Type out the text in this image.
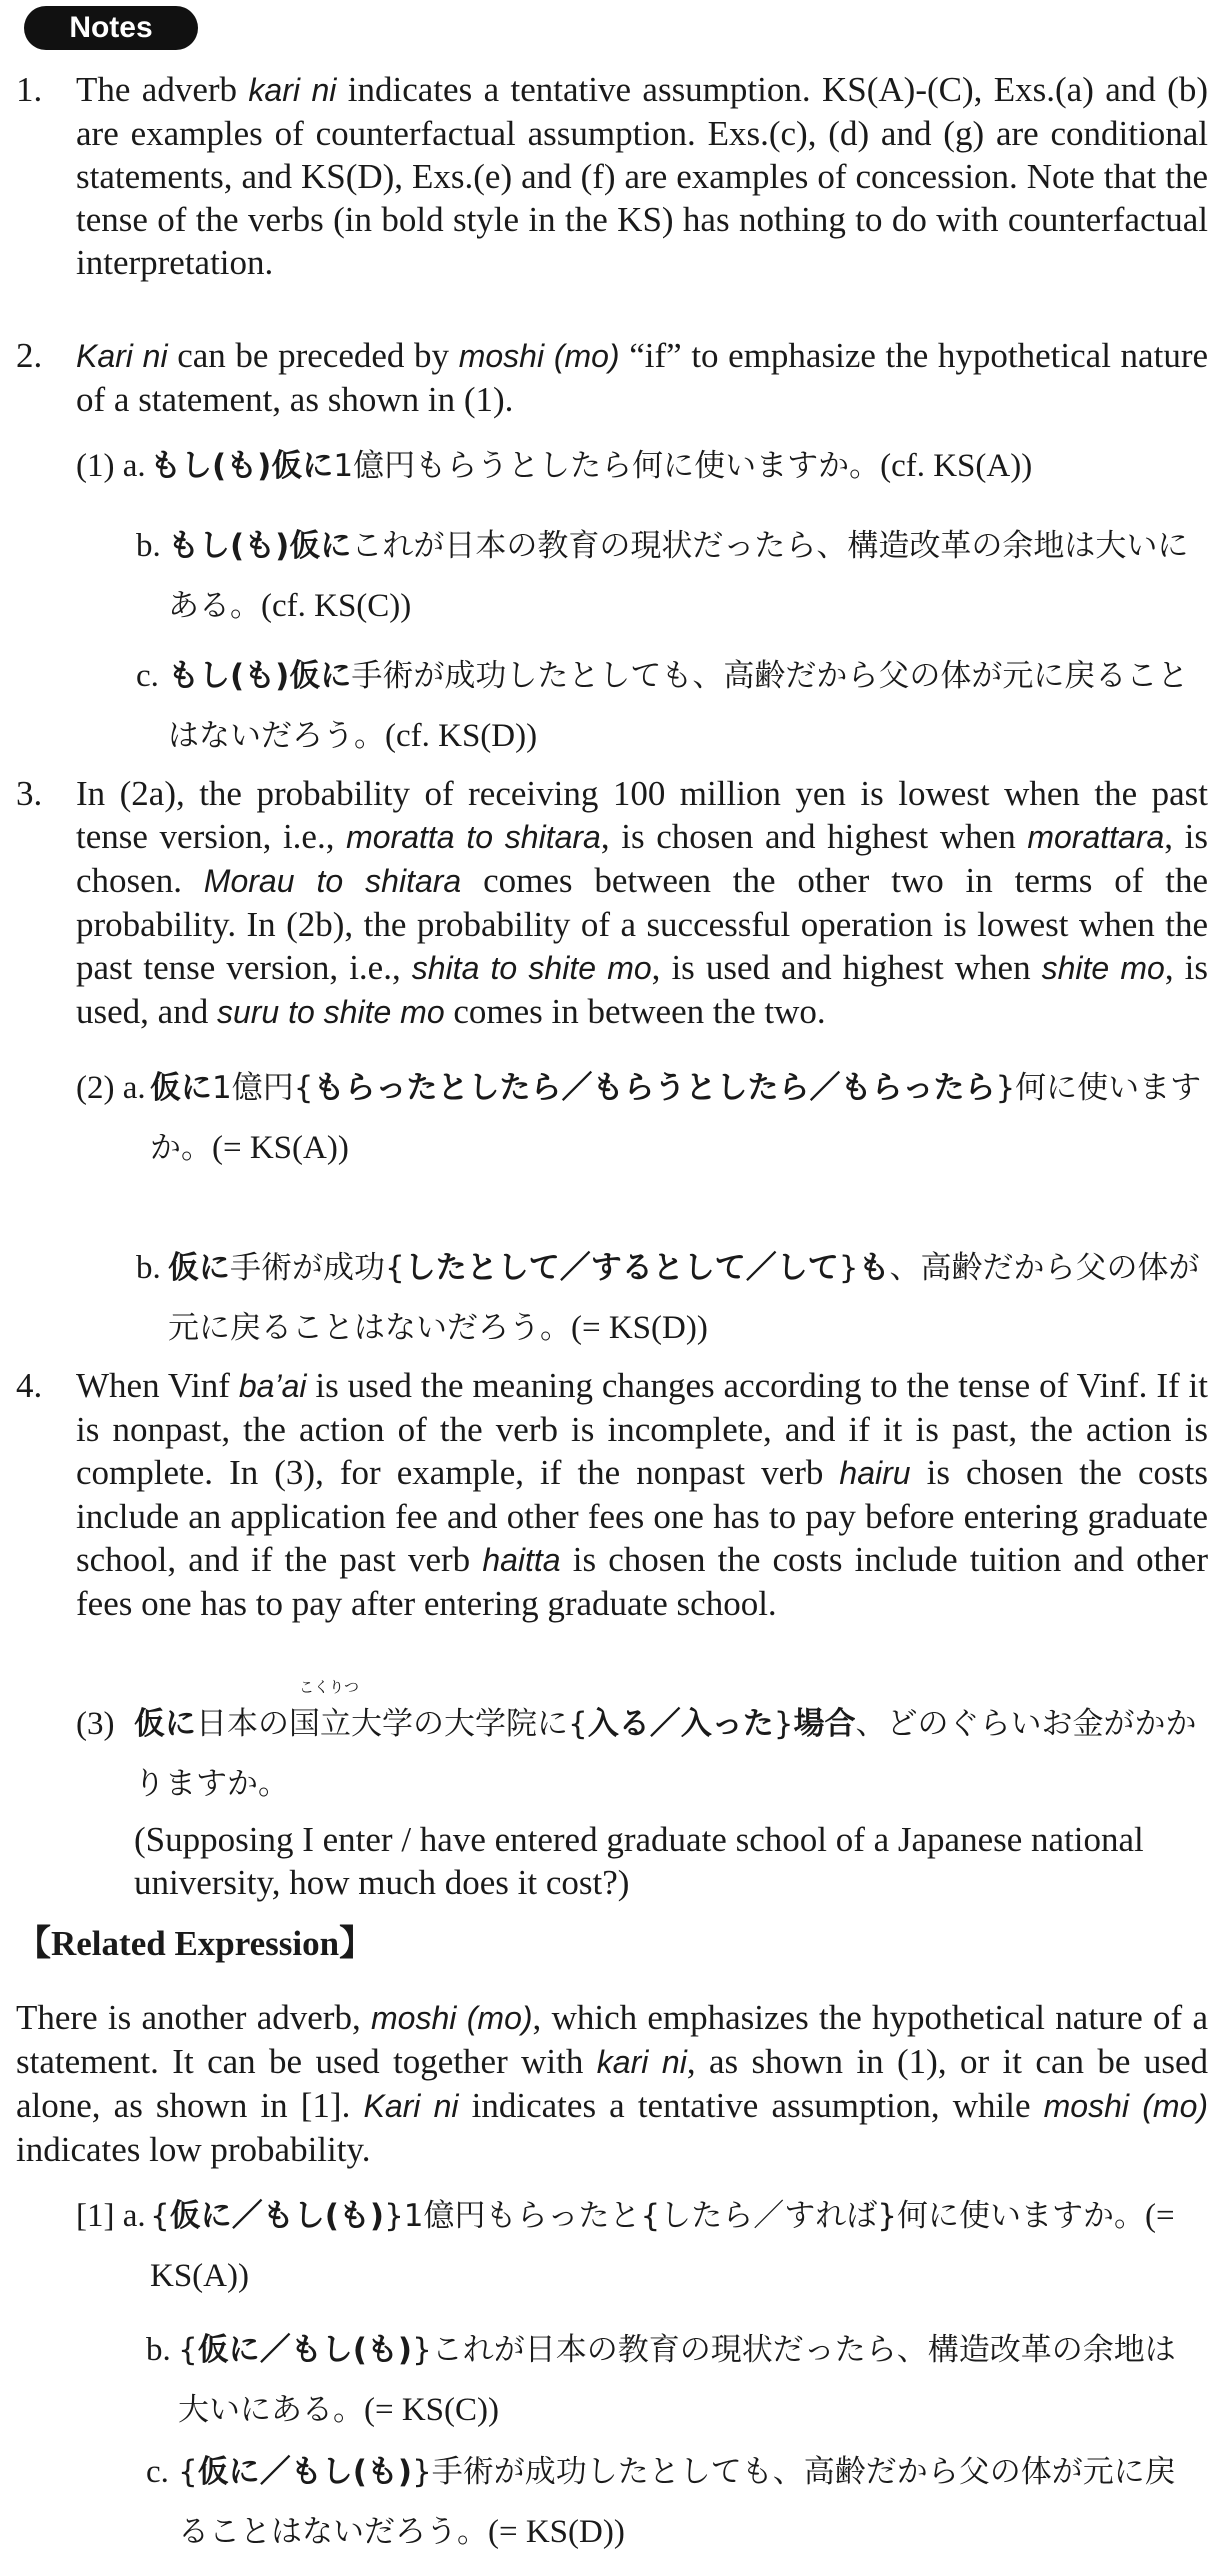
Notes
1. The adverb kari ni indicates a tentative assumption. KS(A)-(C), Exs.(a) and (b) are examples of counterfactual assumption. Exs.(c), (d) and (g) are conditional statements, and KS(D), Exs.(e) and (f) are examples of concession. Note that the tense of the verbs (in bold style in the KS) has nothing to do with counterfactual interpretation.
2. Kari ni can be preceded by moshi (mo) “if” to emphasize the hypothetical nature of a statement, as shown in (1).
(1) a. もし(も)仮に1億円もらうとしたら何に使いますか。(cf. KS(A))
b. もし(も)仮にこれが日本の教育の現状だったら、構造改革の余地は大いにある。(cf. KS(C))
c. もし(も)仮に手術が成功したとしても、高齢だから父の体が元に戻ることはないだろう。(cf. KS(D))
3. In (2a), the probability of receiving 100 million yen is lowest when the past tense version, i.e., moratta to shitara, is chosen and highest when morattara, is chosen. Morau to shitara comes between the other two in terms of the probability. In (2b), the probability of a successful operation is lowest when the past tense version, i.e., shita to shite mo, is used and highest when shite mo, is used, and suru to shite mo comes in between the two.
(2) a. 仮に1億円{もらったとしたら／もらうとしたら／もらったら}何に使いますか。(= KS(A))
b. 仮に手術が成功{したとして／するとして／して}も、高齢だから父の体が元に戻ることはないだろう。(= KS(D))
4. When Vinf ba’ai is used the meaning changes according to the tense of Vinf. If it is nonpast, the action of the verb is incomplete, and if it is past, the action is complete. In (3), for example, if the nonpast verb hairu is chosen the costs include an application fee and other fees one has to pay before entering graduate school, and if the past verb haitta is chosen the costs include tuition and other fees one has to pay after entering graduate school.
こくりつ
(3) 仮に日本の国立大学の大学院に{入る／入った}場合、どのぐらいお金がかかりますか。
(Supposing I enter / have entered graduate school of a Japanese national university, how much does it cost?)
【Related Expression】
There is another adverb, moshi (mo), which emphasizes the hypothetical nature of a statement. It can be used together with kari ni, as shown in (1), or it can be used alone, as shown in [1]. Kari ni indicates a tentative assumption, while moshi (mo) indicates low probability.
[1] a. {仮に／もし(も)}1億円もらったと{したら／すれば}何に使いますか。(= KS(A))
b. {仮に／もし(も)}これが日本の教育の現状だったら、構造改革の余地は大いにある。(= KS(C))
c. {仮に／もし(も)}手術が成功したとしても、高齢だから父の体が元に戻ることはないだろう。(= KS(D))
